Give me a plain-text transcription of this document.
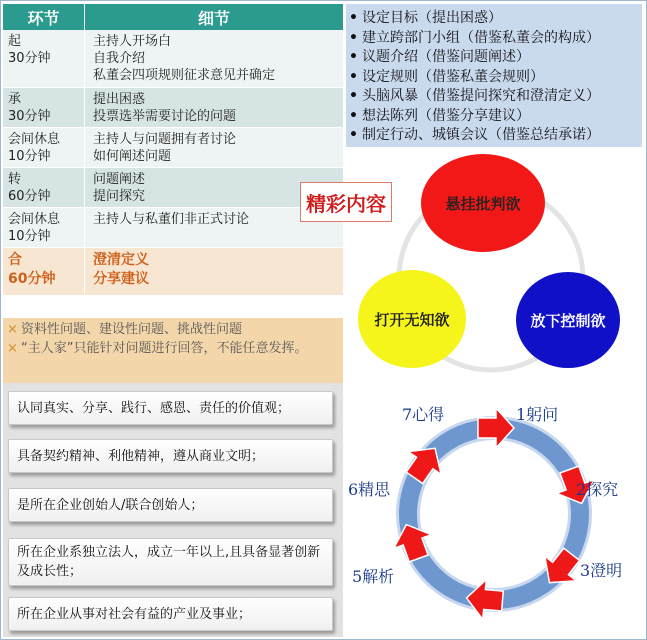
环节	细节
起
30分钟
主持人开场白
自我介绍
私董会四项规则征求意见并确定
承
30分钟
提出困惑
投票选举需要讨论的问题
会间休息
10分钟
主持人与问题拥有者讨论
如何阐述问题
转
60分钟
问题阐述
提问探究
会间休息
10分钟
主持人与私董们非正式讨论
合
60分钟
澄清定义
分享建议
× 资料性问题、建设性问题、挑战性问题
× “主人家”只能针对问题进行回答，不能任意发挥。
• 设定目标（提出困惑）
• 建立跨部门小组（借鉴私董会的构成）
• 议题介绍（借鉴问题阐述）
• 设定规则（借鉴私董会规则）
• 头脑风暴（借鉴提问探究和澄清定义）
• 想法陈列（借鉴分享建议）
• 制定行动、城镇会议（借鉴总结承诺）
悬挂批判欲
打开无知欲	放下控制欲
精彩内容
认同真实、分享、践行、感恩、责任的价值观；
具备契约精神、利他精神，遵从商业文明；
是所在企业创始人/联合创始人；
所在企业系独立法人，成立一年以上,且具备显著创新及成长性；
所在企业从事对社会有益的产业及事业；
1躬问
2探究
3澄明
5解析
6精思
7心得
